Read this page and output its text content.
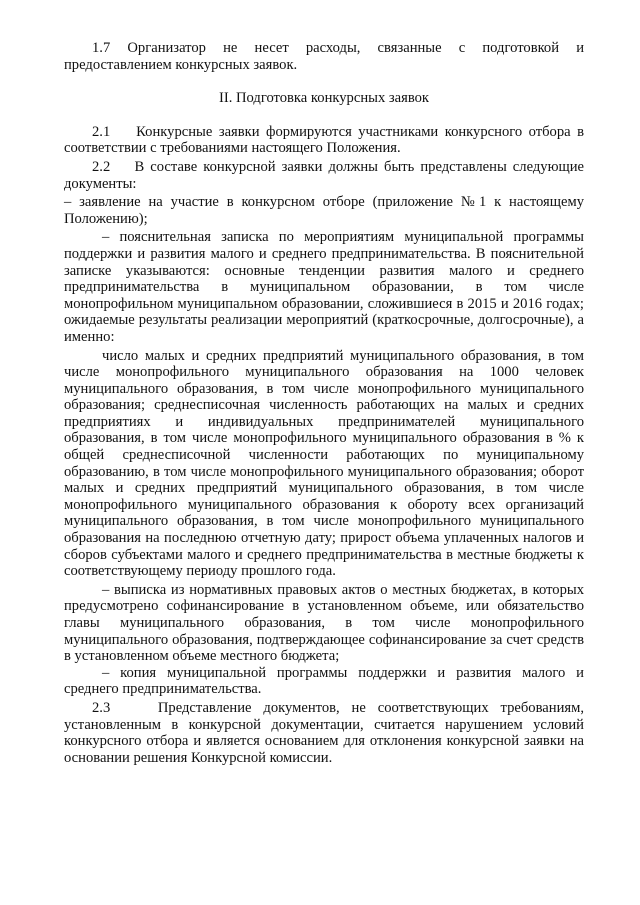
1.7 Организатор не несет расходы, связанные с подготовкой и предоставлением конкурсных заявок.

II. Подготовка конкурсных заявок

2.1    Конкурсные заявки формируются участниками конкурсного отбора в соответствии с требованиями настоящего Положения.

2.2    В составе конкурсной заявки должны быть представлены следующие документы:

– заявление на участие в конкурсном отборе (приложение №1 к настоящему Положению);

– пояснительная записка по мероприятиям муниципальной программы поддержки и развития малого и среднего предпринимательства. В пояснительной записке указываются: основные тенденции развития малого и среднего предпринимательства в муниципальном образовании, в том числе монопрофильном муниципальном образовании, сложившиеся в 2015 и 2016 годах; ожидаемые результаты реализации мероприятий (краткосрочные, долгосрочные), а именно:

число малых и средних предприятий муниципального образования, в том числе монопрофильного муниципального образования на 1000 человек муниципального образования, в том числе монопрофильного муниципального образования; среднесписочная численность работающих на малых и средних предприятиях и индивидуальных предпринимателей муниципального образования, в том числе монопрофильного муниципального образования в % к общей среднесписочной численности работающих по муниципальному образованию, в том числе монопрофильного муниципального образования; оборот малых и средних предприятий муниципального образования, в том числе монопрофильного муниципального образования к обороту всех организаций муниципального образования, в том числе монопрофильного муниципального образования на последнюю отчетную дату; прирост объема уплаченных налогов и сборов субъектами малого и среднего предпринимательства в местные бюджеты к соответствующему периоду прошлого года.

– выписка из нормативных правовых актов о местных бюджетах, в которых предусмотрено софинансирование в установленном объеме, или обязательство главы муниципального образования, в том числе монопрофильного муниципального образования, подтверждающее софинансирование за счет средств в установленном объеме местного бюджета;

– копия муниципальной программы поддержки и развития малого и среднего предпринимательства.

2.3    Представление документов, не соответствующих требованиям, установленным в конкурсной документации, считается нарушением условий конкурсного отбора и является основанием для отклонения конкурсной заявки на основании решения Конкурсной комиссии.
